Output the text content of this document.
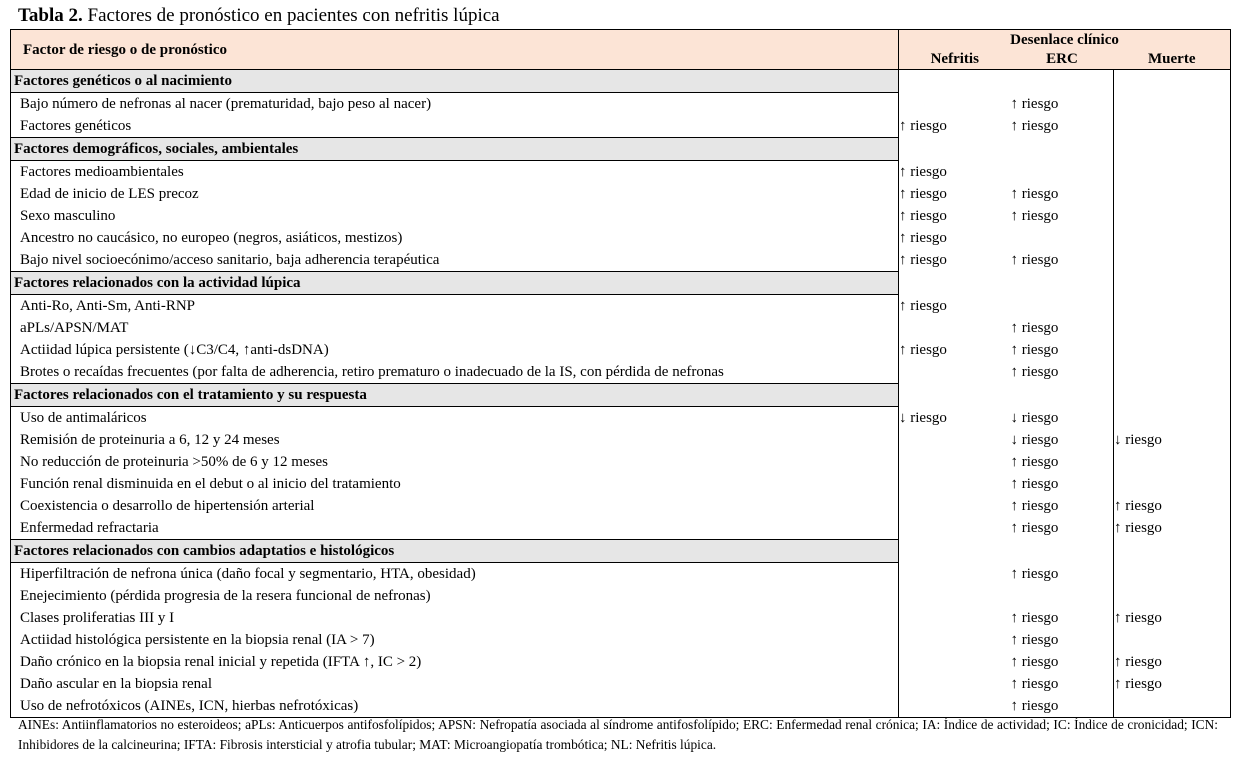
Tabla 2. Factores de pronóstico en pacientes con nefritis lúpica
Factor de riesgo o de pronóstico	Desenlace clínico		
	Nefritis	ERC	Muerte
Factores genéticos o al nacimiento			
Bajo número de nefronas al nacer (prematuridad, bajo peso al nacer)		↑ riesgo	
Factores genéticos	↑ riesgo	↑ riesgo	
Factores demográficos, sociales, ambientales			
Factores medioambientales	↑ riesgo		
Edad de inicio de LES precoz	↑ riesgo	↑ riesgo	
Sexo masculino	↑ riesgo	↑ riesgo	
Ancestro no caucásico, no europeo (negros, asiáticos, mestizos)	↑ riesgo		
Bajo nivel socioecónimo/acceso sanitario, baja adherencia terapéutica	↑ riesgo	↑ riesgo	
Factores relacionados con la actividad lúpica			
Anti-Ro, Anti-Sm, Anti-RNP	↑ riesgo		
aPLs/APSN/MAT		↑ riesgo	
Actiidad lúpica persistente (↓C3/C4, ↑anti-dsDNA)	↑ riesgo	↑ riesgo	
Brotes o recaídas frecuentes (por falta de adherencia, retiro prematuro o inadecuado de la IS, con pérdida de nefronas		↑ riesgo	
Factores relacionados con el tratamiento y su respuesta			
Uso de antimaláricos	↓ riesgo	↓ riesgo	
Remisión de proteinuria a 6, 12 y 24 meses		↓ riesgo	↓ riesgo
No reducción de proteinuria >50% de 6 y 12 meses		↑ riesgo	
Función renal disminuida en el debut o al inicio del tratamiento		↑ riesgo	
Coexistencia o desarrollo de hipertensión arterial		↑ riesgo	↑ riesgo
Enfermedad refractaria		↑ riesgo	↑ riesgo
Factores relacionados con cambios adaptatios e histológicos			
Hiperfiltración de nefrona única (daño focal y segmentario, HTA, obesidad)		↑ riesgo	
Enejecimiento (pérdida progresia de la resera funcional de nefronas)			
Clases proliferatias III y I		↑ riesgo	↑ riesgo
Actiidad histológica persistente en la biopsia renal (IA > 7)		↑ riesgo	
Daño crónico en la biopsia renal inicial y repetida (IFTA ↑, IC > 2)		↑ riesgo	↑ riesgo
Daño ascular en la biopsia renal		↑ riesgo	↑ riesgo
Uso de nefrotóxicos (AINEs, ICN, hierbas nefrotóxicas)		↑ riesgo	
AINEs: Antiinflamatorios no esteroideos; aPLs: Anticuerpos antifosfolípidos; APSN: Nefropatía asociada al síndrome antifosfolípido; ERC: Enfermedad renal crónica; IA: Índice de actividad; IC: Índice de cronicidad; ICN: Inhibidores de la calcineurina; IFTA: Fibrosis intersticial y atrofia tubular; MAT: Microangiopatía trombótica; NL: Nefritis lúpica.
